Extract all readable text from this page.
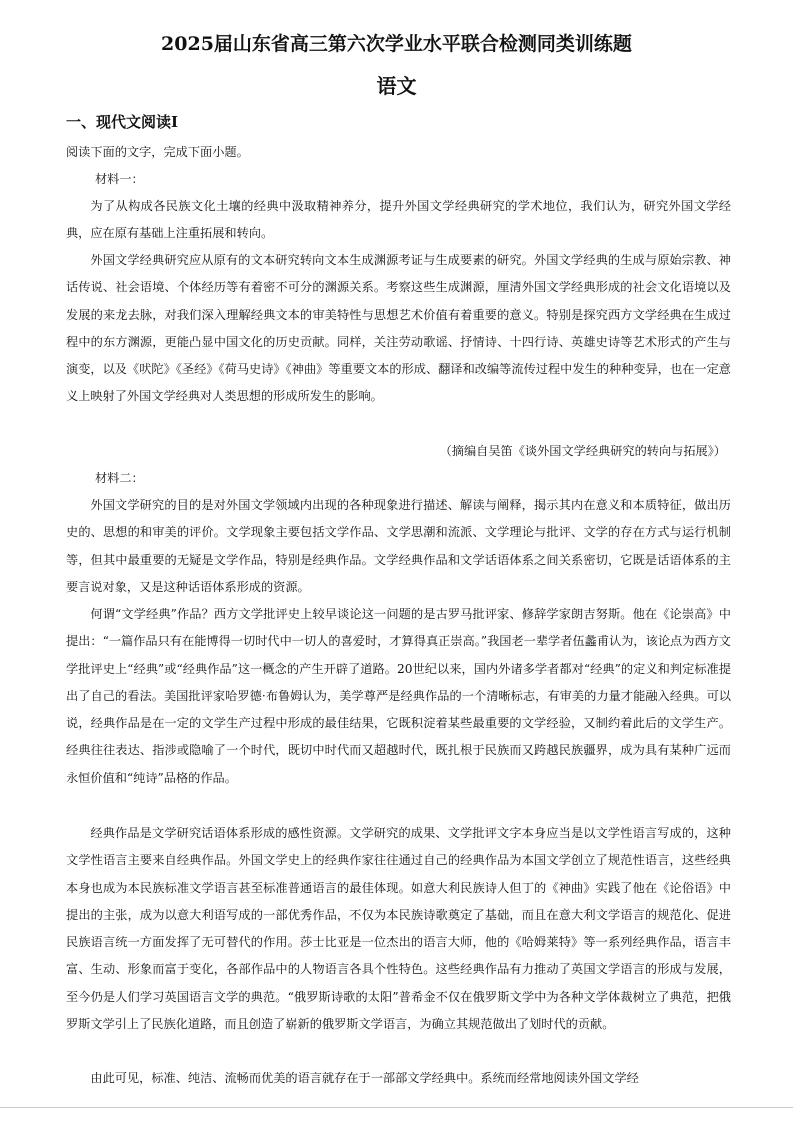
2025届山东省高三第六次学业水平联合检测同类训练题
语文
一、现代文阅读Ⅰ
阅读下面的文字，完成下面小题。
材料一：
为了从构成各民族文化土壤的经典中汲取精神养分，提升外国文学经典研究的学术地位，我们认为，研究外国文学经典，应在原有基础上注重拓展和转向。
外国文学经典研究应从原有的文本研究转向文本生成渊源考证与生成要素的研究。外国文学经典的生成与原始宗教、神话传说、社会语境、个体经历等有着密不可分的渊源关系。考察这些生成渊源，厘清外国文学经典形成的社会文化语境以及发展的来龙去脉，对我们深入理解经典文本的审美特性与思想艺术价值有着重要的意义。特别是探究西方文学经典在生成过程中的东方渊源，更能凸显中国文化的历史贡献。同样，关注劳动歌谣、抒情诗、十四行诗、英雄史诗等艺术形式的产生与演变，以及《吠陀》《圣经》《荷马史诗》《神曲》等重要文本的形成、翻译和改编等流传过程中发生的种种变异，也在一定意义上映射了外国文学经典对人类思想的形成所发生的影响。
（摘编自吴笛《谈外国文学经典研究的转向与拓展》）
材料二：
外国文学研究的目的是对外国文学领域内出现的各种现象进行描述、解读与阐释，揭示其内在意义和本质特征，做出历史的、思想的和审美的评价。文学现象主要包括文学作品、文学思潮和流派、文学理论与批评、文学的存在方式与运行机制等，但其中最重要的无疑是文学作品，特别是经典作品。文学经典作品和文学话语体系之间关系密切，它既是话语体系的主要言说对象，又是这种话语体系形成的资源。
何谓“文学经典”作品？西方文学批评史上较早谈论这一问题的是古罗马批评家、修辞学家朗吉努斯。他在《论崇高》中提出：“一篇作品只有在能博得一切时代中一切人的喜爱时，才算得真正崇高。”我国老一辈学者伍蠡甫认为，该论点为西方文学批评史上“经典”或“经典作品”这一概念的产生开辟了道路。20世纪以来，国内外诸多学者都对“经典”的定义和判定标准提出了自己的看法。美国批评家哈罗德·布鲁姆认为，美学尊严是经典作品的一个清晰标志，有审美的力量才能融入经典。可以说，经典作品是在一定的文学生产过程中形成的最佳结果，它既积淀着某些最重要的文学经验，又制约着此后的文学生产。经典往往表达、指涉或隐喻了一个时代，既切中时代而又超越时代，既扎根于民族而又跨越民族疆界，成为具有某种广远而永恒价值和“纯诗”品格的作品。
经典作品是文学研究话语体系形成的感性资源。文学研究的成果、文学批评文字本身应当是以文学性语言写成的，这种文学性语言主要来自经典作品。外国文学史上的经典作家往往通过自己的经典作品为本国文学创立了规范性语言，这些经典本身也成为本民族标准文学语言甚至标准普通语言的最佳体现。如意大利民族诗人但丁的《神曲》实践了他在《论俗语》中提出的主张，成为以意大利语写成的一部优秀作品，不仅为本民族诗歌奠定了基础，而且在意大利文学语言的规范化、促进民族语言统一方面发挥了无可替代的作用。莎士比亚是一位杰出的语言大师，他的《哈姆莱特》等一系列经典作品，语言丰富、生动、形象而富于变化，各部作品中的人物语言各具个性特色。这些经典作品有力推动了英国文学语言的形成与发展，至今仍是人们学习英国语言文学的典范。“俄罗斯诗歌的太阳”普希金不仅在俄罗斯文学中为各种文学体裁树立了典范，把俄罗斯文学引上了民族化道路，而且创造了崭新的俄罗斯文学语言，为确立其规范做出了划时代的贡献。
由此可见，标准、纯洁、流畅而优美的语言就存在于一部部文学经典中。系统而经常地阅读外国文学经
